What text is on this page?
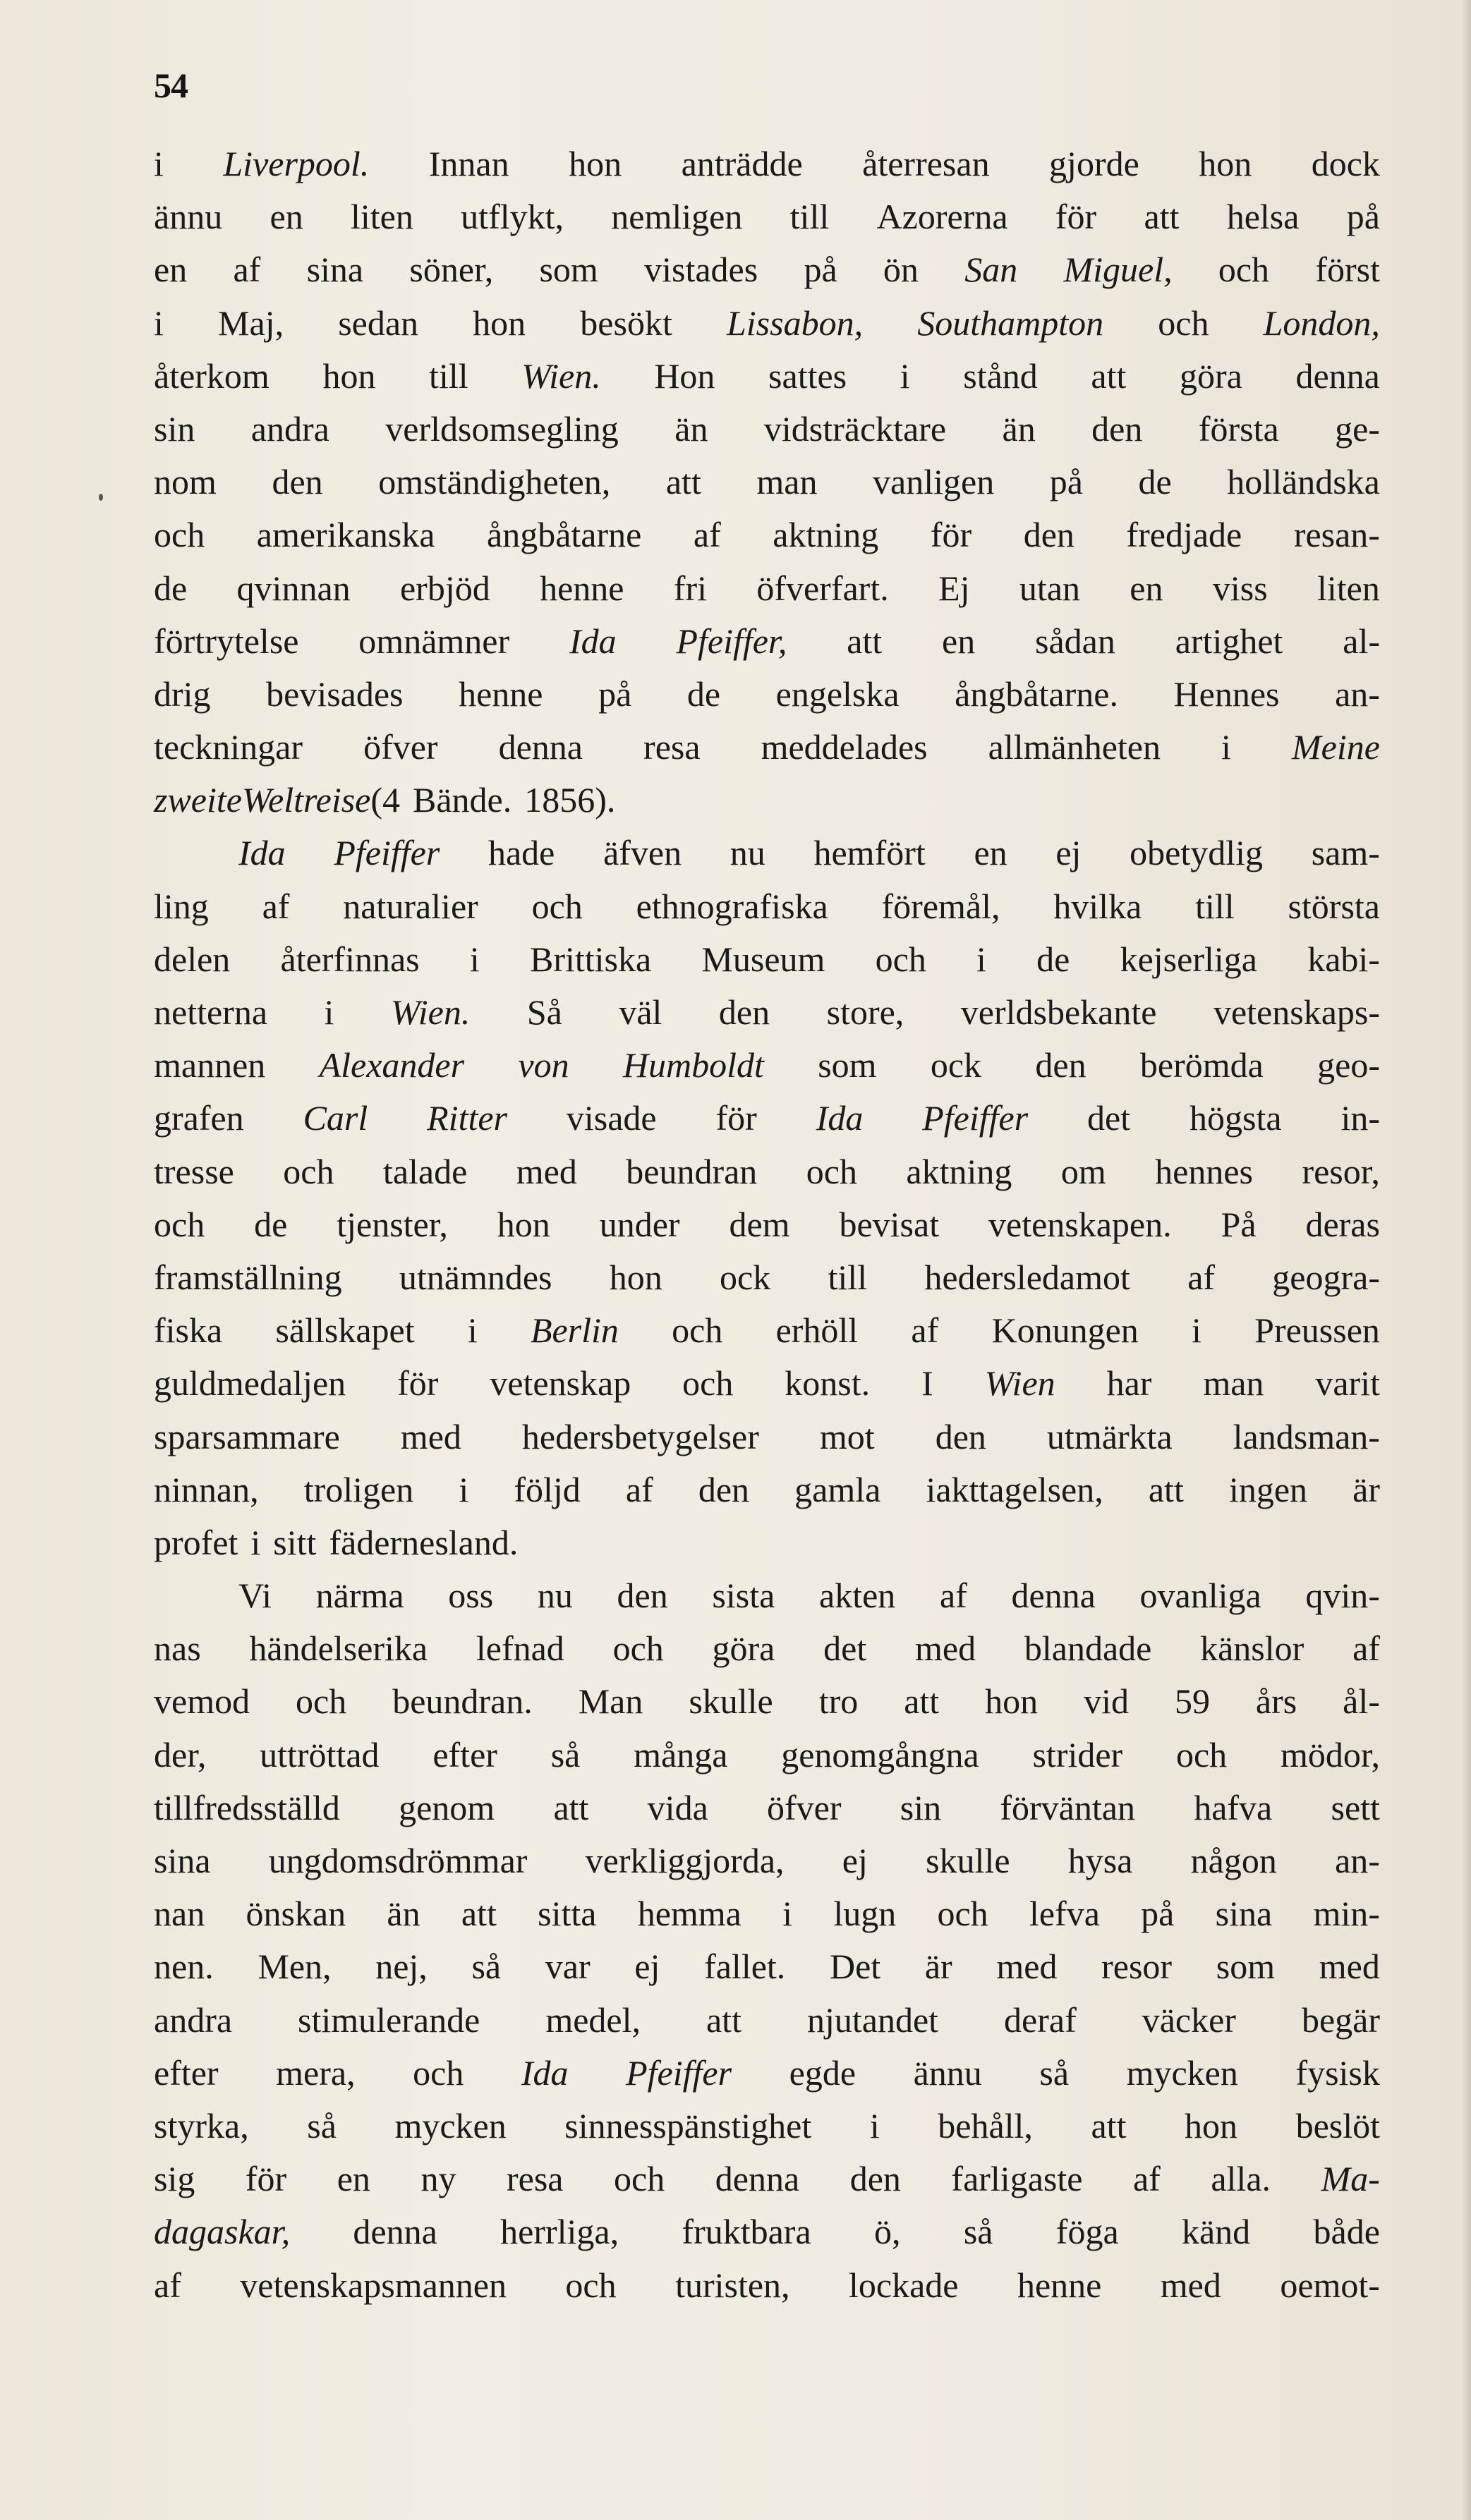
54
i Liverpool. Innan hon anträdde återresan gjorde hon dock
ännu en liten utflykt, nemligen till Azorerna för att helsa på
en af sina söner, som vistades på ön San Miguel, och först
i Maj, sedan hon besökt Lissabon, Southampton och London,
återkom hon till Wien. Hon sattes i stånd att göra denna
sin andra verldsomsegling än vidsträcktare än den första ge-
nom den omständigheten, att man vanligen på de holländska
och amerikanska ångbåtarne af aktning för den fredjade resan-
de qvinnan erbjöd henne fri öfverfart. Ej utan en viss liten
förtrytelse omnämner Ida Pfeiffer, att en sådan artighet al-
drig bevisades henne på de engelska ångbåtarne. Hennes an-
teckningar öfver denna resa meddelades allmänheten i Meine
zweite Weltreise (4 Bände. 1856).
Ida Pfeiffer hade äfven nu hemfört en ej obetydlig sam-
ling af naturalier och ethnografiska föremål, hvilka till största
delen återfinnas i Brittiska Museum och i de kejserliga kabi-
netterna i Wien. Så väl den store, verldsbekante vetenskaps-
mannen Alexander von Humboldt som ock den berömda geo-
grafen Carl Ritter visade för Ida Pfeiffer det högsta in-
tresse och talade med beundran och aktning om hennes resor,
och de tjenster, hon under dem bevisat vetenskapen. På deras
framställning utnämndes hon ock till hedersledamot af geogra-
fiska sällskapet i Berlin och erhöll af Konungen i Preussen
guldmedaljen för vetenskap och konst. I Wien har man varit
sparsammare med hedersbetygelser mot den utmärkta landsman-
ninnan, troligen i följd af den gamla iakttagelsen, att ingen är
profet i sitt fädernesland.
Vi närma oss nu den sista akten af denna ovanliga qvin-
nas händelserika lefnad och göra det med blandade känslor af
vemod och beundran. Man skulle tro att hon vid 59 års ål-
der, uttröttad efter så många genomgångna strider och mödor,
tillfredsställd genom att vida öfver sin förväntan hafva sett
sina ungdomsdrömmar verkliggjorda, ej skulle hysa någon an-
nan önskan än att sitta hemma i lugn och lefva på sina min-
nen. Men, nej, så var ej fallet. Det är med resor som med
andra stimulerande medel, att njutandet deraf väcker begär
efter mera, och Ida Pfeiffer egde ännu så mycken fysisk
styrka, så mycken sinnesspänstighet i behåll, att hon beslöt
sig för en ny resa och denna den farligaste af alla. Ma-
dagaskar, denna herrliga, fruktbara ö, så föga känd både
af vetenskapsmannen och turisten, lockade henne med oemot-
